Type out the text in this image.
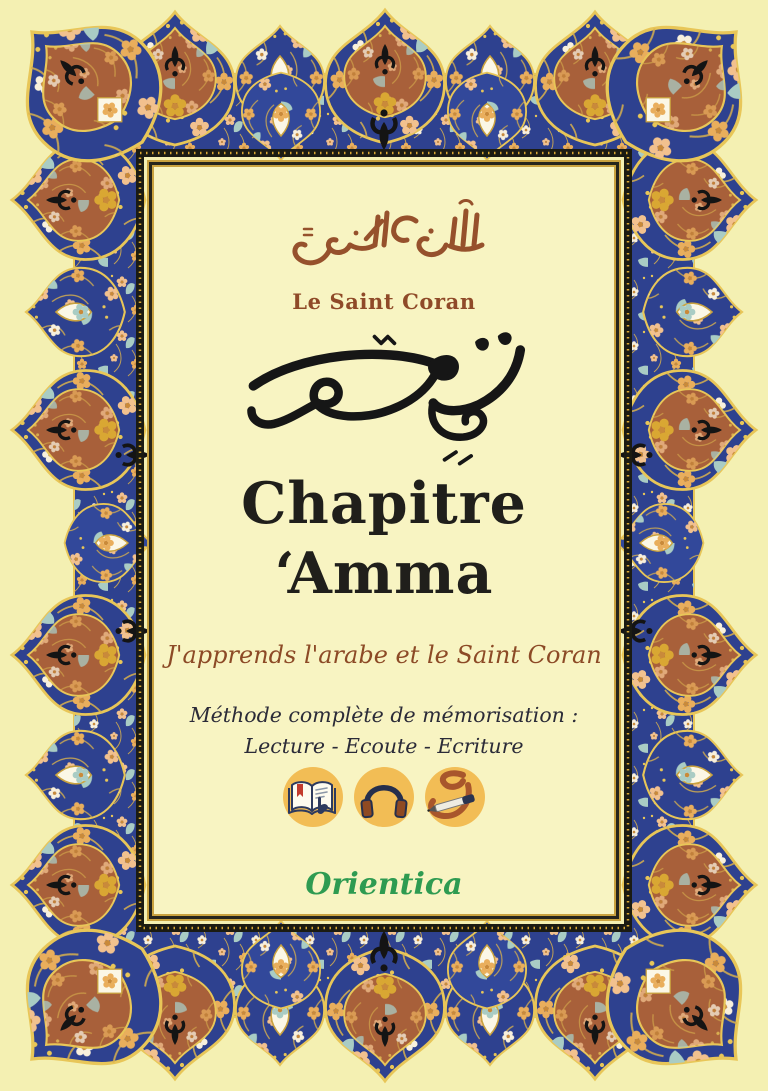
Le Saint Coran
Chapitre
‘Amma
J'apprends l'arabe et le Saint Coran
Méthode complète de mémorisation :
Lecture - Ecoute - Ecriture
Orientica
